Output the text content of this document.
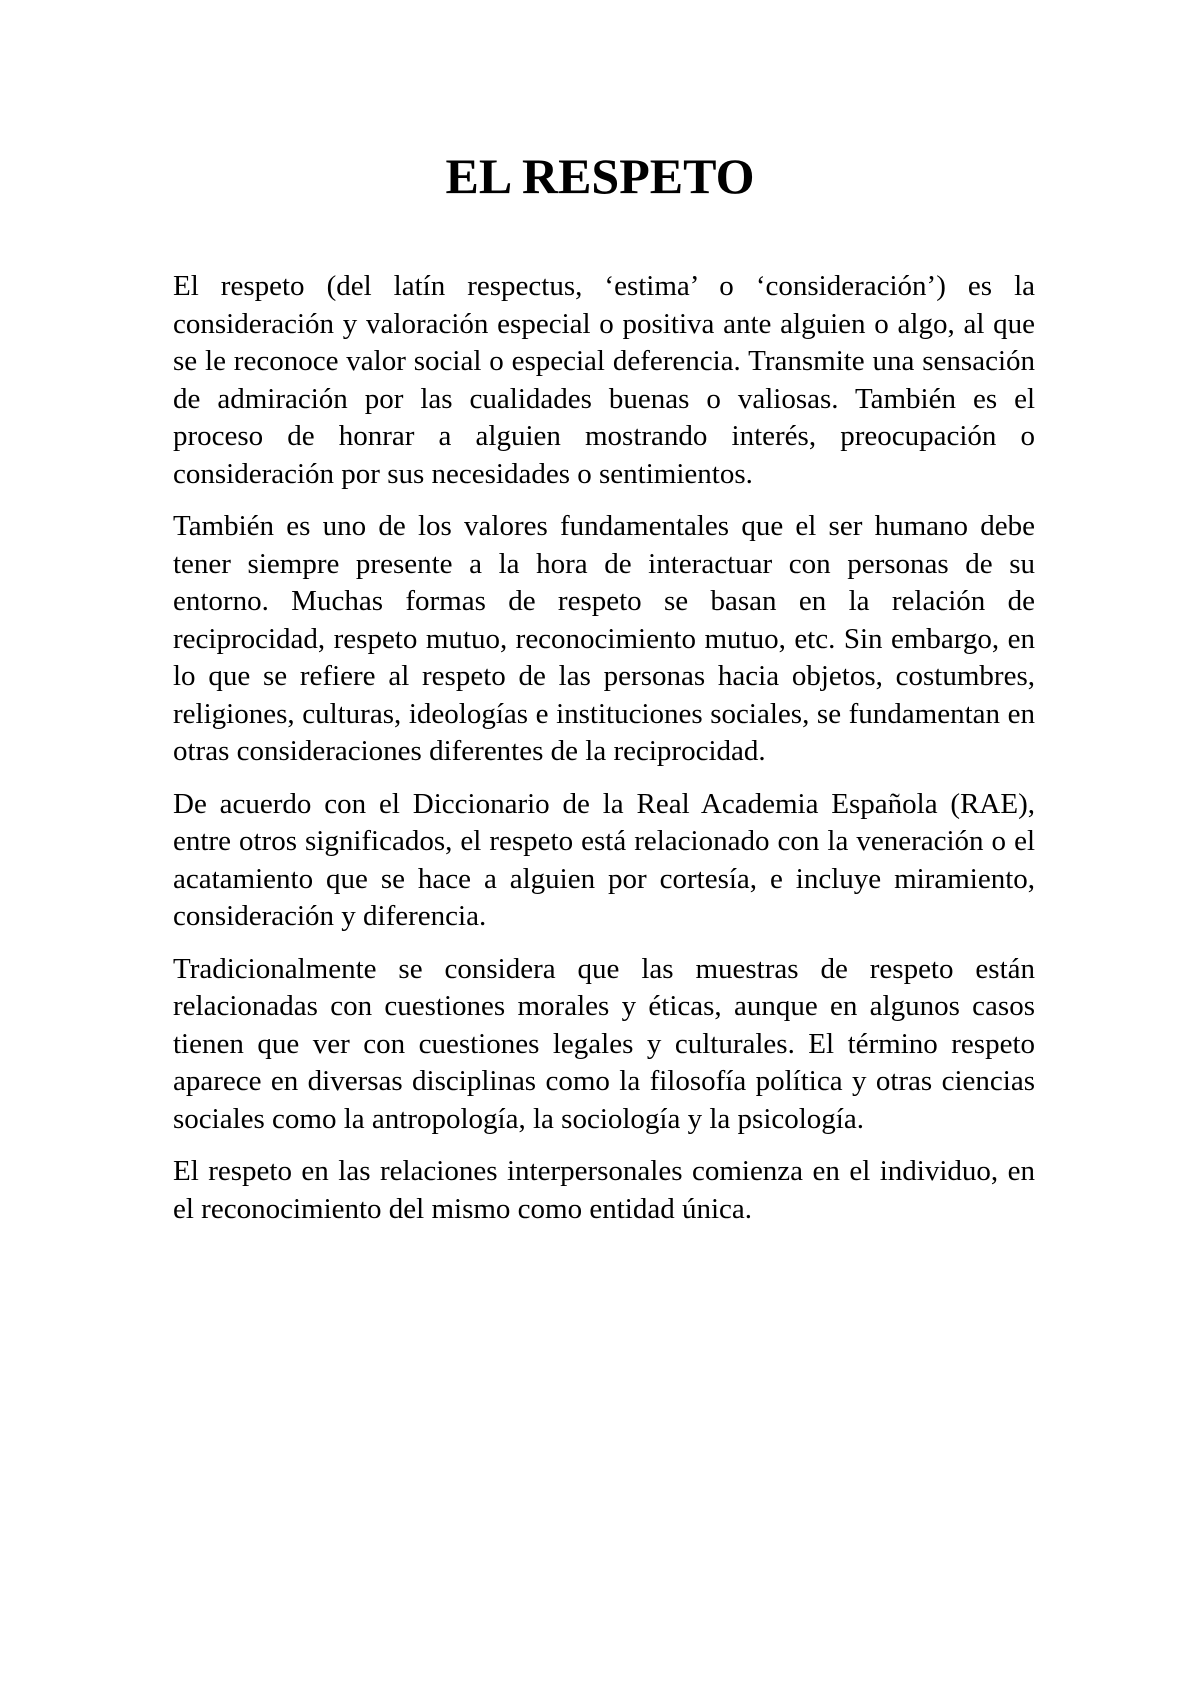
EL RESPETO

El respeto (del latín respectus, ‘estima’ o ‘consideración’) es la consideración y valoración especial o positiva ante alguien o algo, al que se le reconoce valor social o especial deferencia. Transmite una sensación de admiración por las cualidades buenas o valiosas. También es el proceso de honrar a alguien mostrando interés, preocupación o consideración por sus necesidades o sentimientos.

También es uno de los valores fundamentales que el ser humano debe tener siempre presente a la hora de interactuar con personas de su entorno. Muchas formas de respeto se basan en la relación de reciprocidad, respeto mutuo, reconocimiento mutuo, etc. Sin embargo, en lo que se refiere al respeto de las personas hacia objetos, costumbres, religiones, culturas, ideologías e instituciones sociales, se fundamentan en otras consideraciones diferentes de la reciprocidad.

De acuerdo con el Diccionario de la Real Academia Española (RAE), entre otros significados, el respeto está relacionado con la veneración o el acatamiento que se hace a alguien por cortesía, e incluye miramiento, consideración y diferencia.

Tradicionalmente se considera que las muestras de respeto están relacionadas con cuestiones morales y éticas, aunque en algunos casos tienen que ver con cuestiones legales y culturales. El término respeto aparece en diversas disciplinas como la filosofía política y otras ciencias sociales como la antropología, la sociología y la psicología.

El respeto en las relaciones interpersonales comienza en el individuo, en el reconocimiento del mismo como entidad única.
